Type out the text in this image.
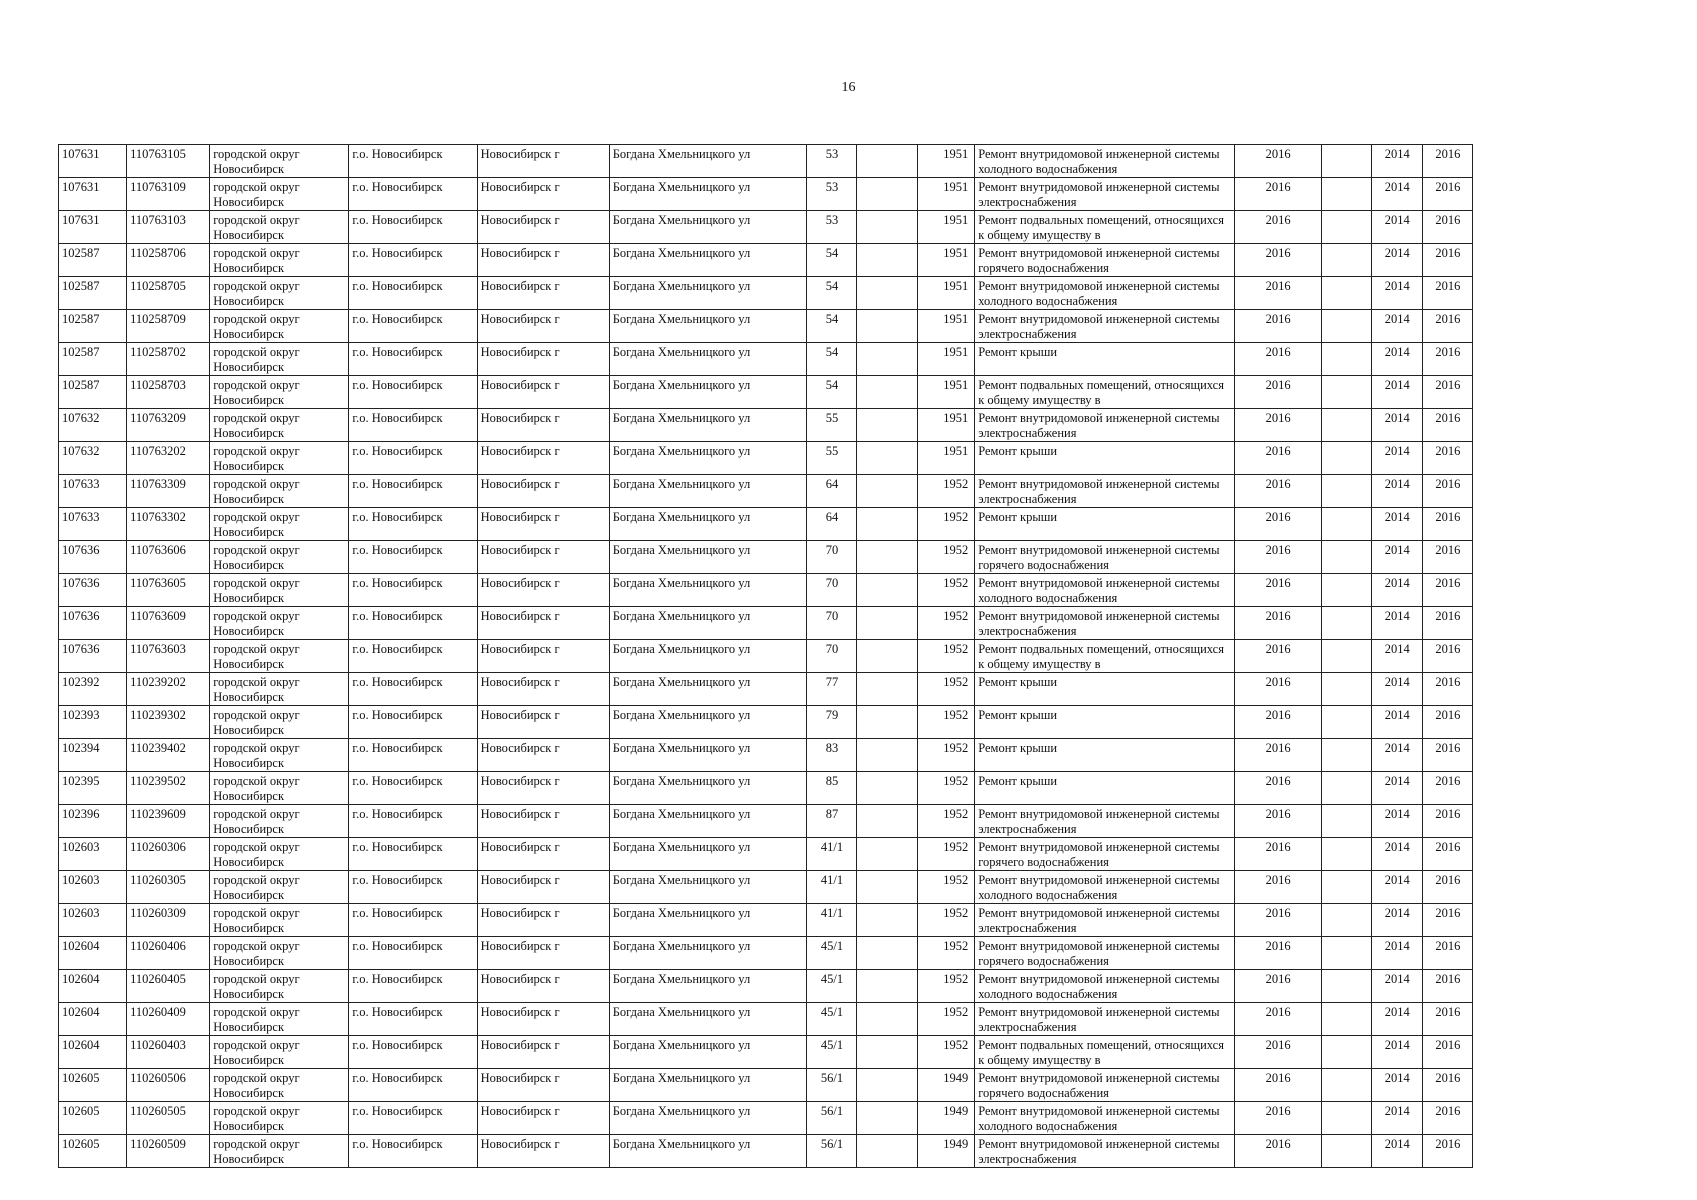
16
107631	110763105	городской округ Новосибирск	г.о. Новосибирск	Новосибирск г	Богдана Хмельницкого ул	53		1951	Ремонт внутридомовой инженерной системы холодного водоснабжения	2016		2014	2016
107631	110763109	городской округ Новосибирск	г.о. Новосибирск	Новосибирск г	Богдана Хмельницкого ул	53		1951	Ремонт внутридомовой инженерной системы электроснабжения	2016		2014	2016
107631	110763103	городской округ Новосибирск	г.о. Новосибирск	Новосибирск г	Богдана Хмельницкого ул	53		1951	Ремонт подвальных помещений, относящихся к общему имуществу в	2016		2014	2016
102587	110258706	городской округ Новосибирск	г.о. Новосибирск	Новосибирск г	Богдана Хмельницкого ул	54		1951	Ремонт внутридомовой инженерной системы горячего водоснабжения	2016		2014	2016
102587	110258705	городской округ Новосибирск	г.о. Новосибирск	Новосибирск г	Богдана Хмельницкого ул	54		1951	Ремонт внутридомовой инженерной системы холодного водоснабжения	2016		2014	2016
102587	110258709	городской округ Новосибирск	г.о. Новосибирск	Новосибирск г	Богдана Хмельницкого ул	54		1951	Ремонт внутридомовой инженерной системы электроснабжения	2016		2014	2016
102587	110258702	городской округ Новосибирск	г.о. Новосибирск	Новосибирск г	Богдана Хмельницкого ул	54		1951	Ремонт крыши	2016		2014	2016
102587	110258703	городской округ Новосибирск	г.о. Новосибирск	Новосибирск г	Богдана Хмельницкого ул	54		1951	Ремонт подвальных помещений, относящихся к общему имуществу в	2016		2014	2016
107632	110763209	городской округ Новосибирск	г.о. Новосибирск	Новосибирск г	Богдана Хмельницкого ул	55		1951	Ремонт внутридомовой инженерной системы электроснабжения	2016		2014	2016
107632	110763202	городской округ Новосибирск	г.о. Новосибирск	Новосибирск г	Богдана Хмельницкого ул	55		1951	Ремонт крыши	2016		2014	2016
107633	110763309	городской округ Новосибирск	г.о. Новосибирск	Новосибирск г	Богдана Хмельницкого ул	64		1952	Ремонт внутридомовой инженерной системы электроснабжения	2016		2014	2016
107633	110763302	городской округ Новосибирск	г.о. Новосибирск	Новосибирск г	Богдана Хмельницкого ул	64		1952	Ремонт крыши	2016		2014	2016
107636	110763606	городской округ Новосибирск	г.о. Новосибирск	Новосибирск г	Богдана Хмельницкого ул	70		1952	Ремонт внутридомовой инженерной системы горячего водоснабжения	2016		2014	2016
107636	110763605	городской округ Новосибирск	г.о. Новосибирск	Новосибирск г	Богдана Хмельницкого ул	70		1952	Ремонт внутридомовой инженерной системы холодного водоснабжения	2016		2014	2016
107636	110763609	городской округ Новосибирск	г.о. Новосибирск	Новосибирск г	Богдана Хмельницкого ул	70		1952	Ремонт внутридомовой инженерной системы электроснабжения	2016		2014	2016
107636	110763603	городской округ Новосибирск	г.о. Новосибирск	Новосибирск г	Богдана Хмельницкого ул	70		1952	Ремонт подвальных помещений, относящихся к общему имуществу в	2016		2014	2016
102392	110239202	городской округ Новосибирск	г.о. Новосибирск	Новосибирск г	Богдана Хмельницкого ул	77		1952	Ремонт крыши	2016		2014	2016
102393	110239302	городской округ Новосибирск	г.о. Новосибирск	Новосибирск г	Богдана Хмельницкого ул	79		1952	Ремонт крыши	2016		2014	2016
102394	110239402	городской округ Новосибирск	г.о. Новосибирск	Новосибирск г	Богдана Хмельницкого ул	83		1952	Ремонт крыши	2016		2014	2016
102395	110239502	городской округ Новосибирск	г.о. Новосибирск	Новосибирск г	Богдана Хмельницкого ул	85		1952	Ремонт крыши	2016		2014	2016
102396	110239609	городской округ Новосибирск	г.о. Новосибирск	Новосибирск г	Богдана Хмельницкого ул	87		1952	Ремонт внутридомовой инженерной системы электроснабжения	2016		2014	2016
102603	110260306	городской округ Новосибирск	г.о. Новосибирск	Новосибирск г	Богдана Хмельницкого ул	41/1		1952	Ремонт внутридомовой инженерной системы горячего водоснабжения	2016		2014	2016
102603	110260305	городской округ Новосибирск	г.о. Новосибирск	Новосибирск г	Богдана Хмельницкого ул	41/1		1952	Ремонт внутридомовой инженерной системы холодного водоснабжения	2016		2014	2016
102603	110260309	городской округ Новосибирск	г.о. Новосибирск	Новосибирск г	Богдана Хмельницкого ул	41/1		1952	Ремонт внутридомовой инженерной системы электроснабжения	2016		2014	2016
102604	110260406	городской округ Новосибирск	г.о. Новосибирск	Новосибирск г	Богдана Хмельницкого ул	45/1		1952	Ремонт внутридомовой инженерной системы горячего водоснабжения	2016		2014	2016
102604	110260405	городской округ Новосибирск	г.о. Новосибирск	Новосибирск г	Богдана Хмельницкого ул	45/1		1952	Ремонт внутридомовой инженерной системы холодного водоснабжения	2016		2014	2016
102604	110260409	городской округ Новосибирск	г.о. Новосибирск	Новосибирск г	Богдана Хмельницкого ул	45/1		1952	Ремонт внутридомовой инженерной системы электроснабжения	2016		2014	2016
102604	110260403	городской округ Новосибирск	г.о. Новосибирск	Новосибирск г	Богдана Хмельницкого ул	45/1		1952	Ремонт подвальных помещений, относящихся к общему имуществу в	2016		2014	2016
102605	110260506	городской округ Новосибирск	г.о. Новосибирск	Новосибирск г	Богдана Хмельницкого ул	56/1		1949	Ремонт внутридомовой инженерной системы горячего водоснабжения	2016		2014	2016
102605	110260505	городской округ Новосибирск	г.о. Новосибирск	Новосибирск г	Богдана Хмельницкого ул	56/1		1949	Ремонт внутридомовой инженерной системы холодного водоснабжения	2016		2014	2016
102605	110260509	городской округ Новосибирск	г.о. Новосибирск	Новосибирск г	Богдана Хмельницкого ул	56/1		1949	Ремонт внутридомовой инженерной системы электроснабжения	2016		2014	2016
